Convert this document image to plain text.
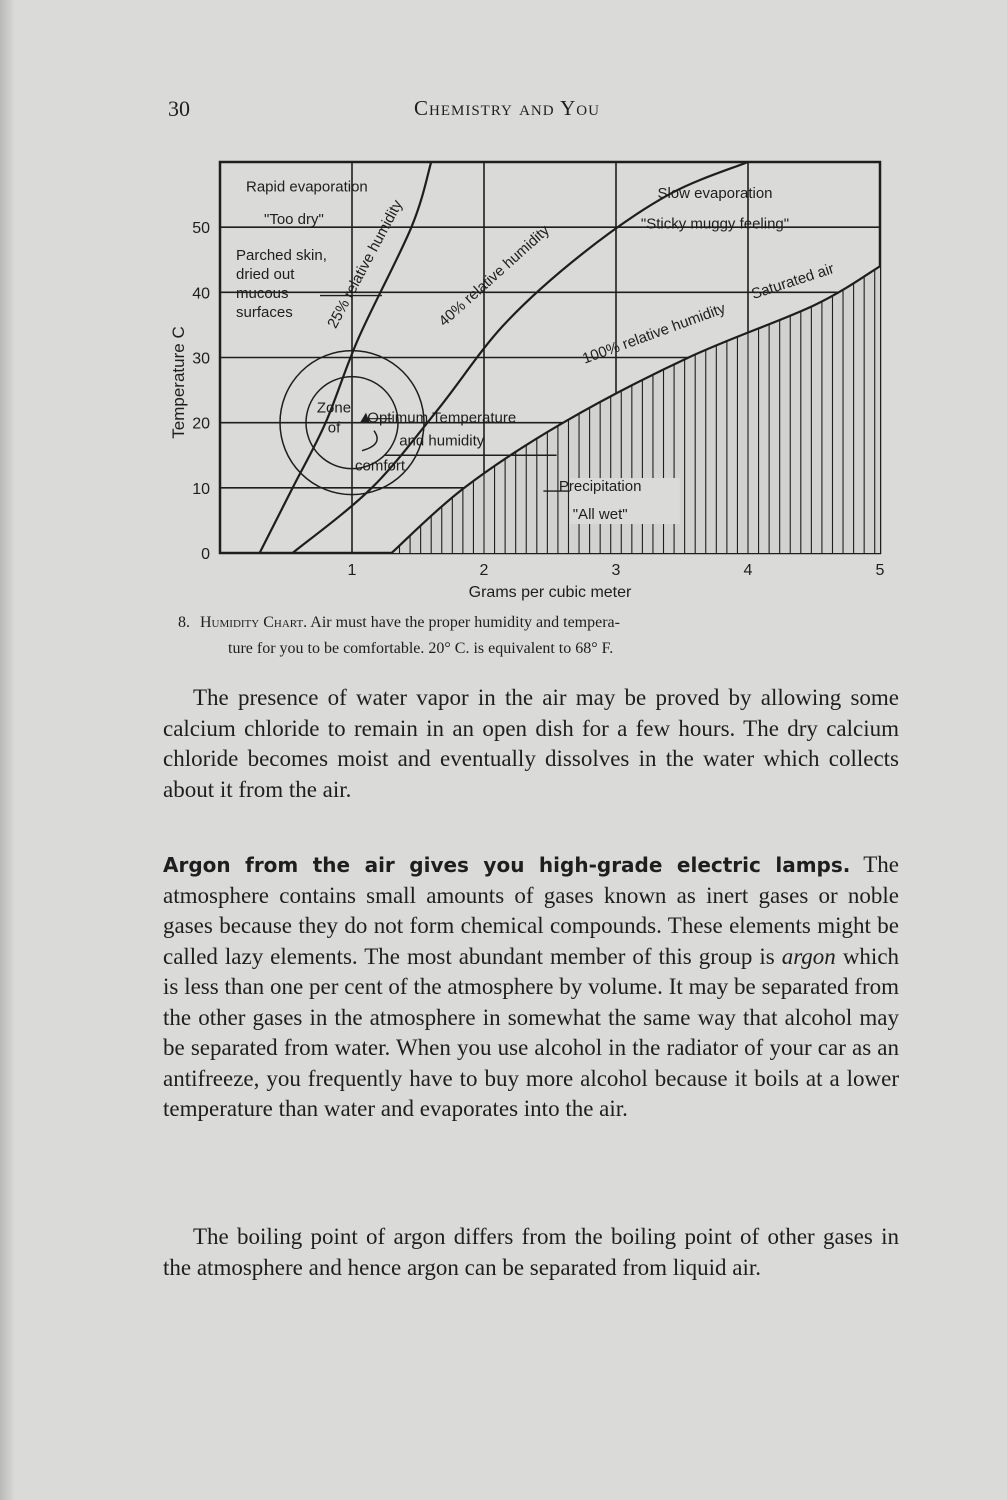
30	Chemistry and You
Zone
of
comfort
1	2	3	4	5
0
10
20
30
40
50
Grams per cubic meter
Temperature C
Rapid evaporation
"Too dry"
Parched skin,
dried out
mucous
surfaces
Slow evaporation
"Sticky muggy feeling"
Optimum Temperature
and humidity
Precipitation
"All wet"
Saturated air
100% relative humidity
40% relative humidity
25% relative humidity
8. Humidity Chart. Air must have the proper humidity and tempera-
ture for you to be comfortable. 20° C. is equivalent to 68° F.

The presence of water vapor in the air may be proved by allowing some calcium chloride to remain in an open dish for a few hours. The dry calcium chloride becomes moist and eventually dissolves in the water which collects about it from the air.

Argon from the air gives you high-grade electric lamps. The atmosphere contains small amounts of gases known as inert gases or noble gases because they do not form chemical compounds. These elements might be called lazy elements. The most abundant member of this group is argon which is less than one per cent of the atmosphere by volume. It may be separated from the other gases in the atmosphere in somewhat the same way that alcohol may be separated from water. When you use alcohol in the radiator of your car as an antifreeze, you frequently have to buy more alcohol because it boils at a lower temperature than water and evaporates into the air.

The boiling point of argon differs from the boiling point of other gases in the atmosphere and hence argon can be separated from liquid air.
